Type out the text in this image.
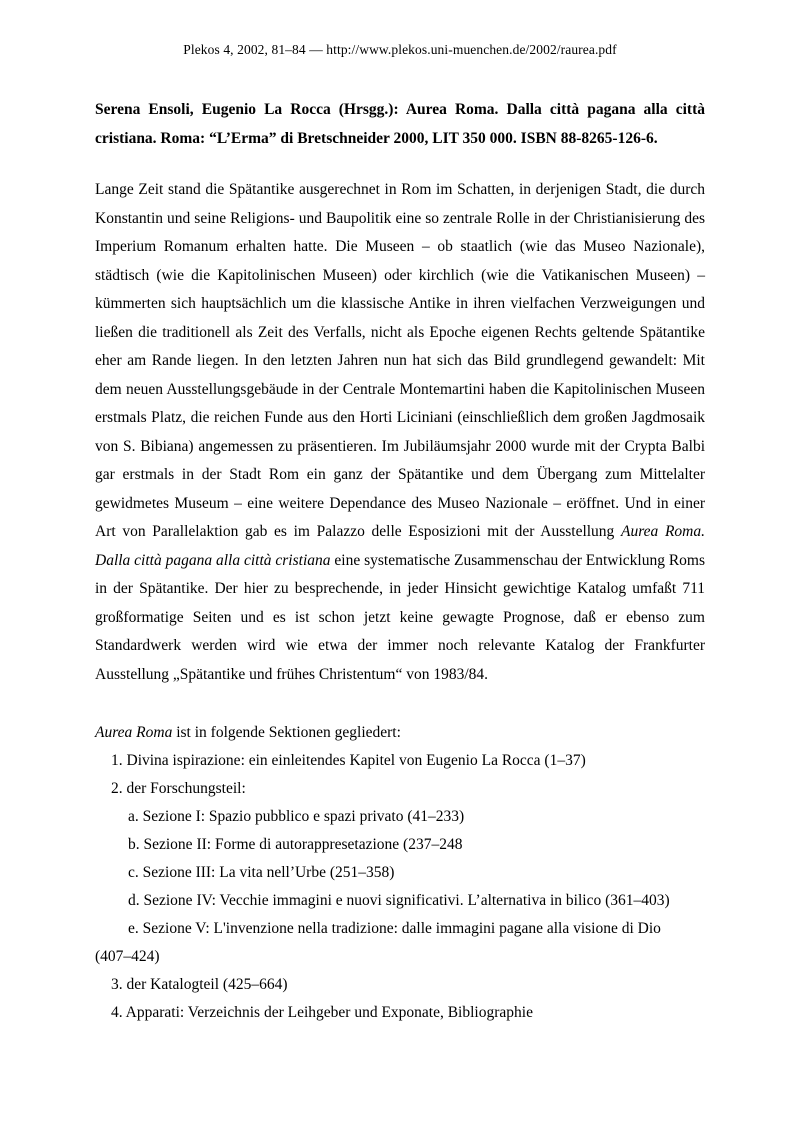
Plekos 4, 2002, 81–84 — http://www.plekos.uni-muenchen.de/2002/raurea.pdf

Serena Ensoli, Eugenio La Rocca (Hrsgg.): Aurea Roma. Dalla città pagana alla città cristiana. Roma: “L’Erma” di Bretschneider 2000, LIT 350 000. ISBN 88-8265-126-6.

Lange Zeit stand die Spätantike ausgerechnet in Rom im Schatten, in derjenigen Stadt, die durch Konstantin und seine Religions- und Baupolitik eine so zentrale Rolle in der Christianisierung des Imperium Romanum erhalten hatte. Die Museen – ob staatlich (wie das Museo Nazionale), städtisch (wie die Kapitolinischen Museen) oder kirchlich (wie die Vatikanischen Museen) – kümmerten sich hauptsächlich um die klassische Antike in ihren vielfachen Verzweigungen und ließen die traditionell als Zeit des Verfalls, nicht als Epoche eigenen Rechts geltende Spätantike eher am Rande liegen. In den letzten Jahren nun hat sich das Bild grundlegend gewandelt: Mit dem neuen Ausstellungsgebäude in der Centrale Montemartini haben die Kapitolinischen Museen erstmals Platz, die reichen Funde aus den Horti Liciniani (einschließlich dem großen Jagdmosaik von S. Bibiana) angemessen zu präsentieren. Im Jubiläumsjahr 2000 wurde mit der Crypta Balbi gar erstmals in der Stadt Rom ein ganz der Spätantike und dem Übergang zum Mittelalter gewidmetes Museum – eine weitere Dependance des Museo Nazionale – eröffnet. Und in einer Art von Parallelaktion gab es im Palazzo delle Esposizioni mit der Ausstellung Aurea Roma. Dalla città pagana alla città cristiana eine systematische Zusammenschau der Entwicklung Roms in der Spätantike. Der hier zu besprechende, in jeder Hinsicht gewichtige Katalog umfaßt 711 großformatige Seiten und es ist schon jetzt keine gewagte Prognose, daß er ebenso zum Standardwerk werden wird wie etwa der immer noch relevante Katalog der Frankfurter Ausstellung „Spätantike und frühes Christentum“ von 1983/84.

Aurea Roma ist in folgende Sektionen gegliedert:

1. Divina ispirazione: ein einleitendes Kapitel von Eugenio La Rocca (1–37)

2. der Forschungsteil:

a. Sezione I: Spazio pubblico e spazi privato (41–233)

b. Sezione II: Forme di autorappresetazione (237–248

c. Sezione III: La vita nell’Urbe (251–358)

d. Sezione IV: Vecchie immagini e nuovi significativi. L’alternativa in bilico (361–403)

e. Sezione V: L'invenzione nella tradizione: dalle immagini pagane alla visione di Dio

(407–424)

3. der Katalogteil (425–664)

4. Apparati: Verzeichnis der Leihgeber und Exponate, Bibliographie
